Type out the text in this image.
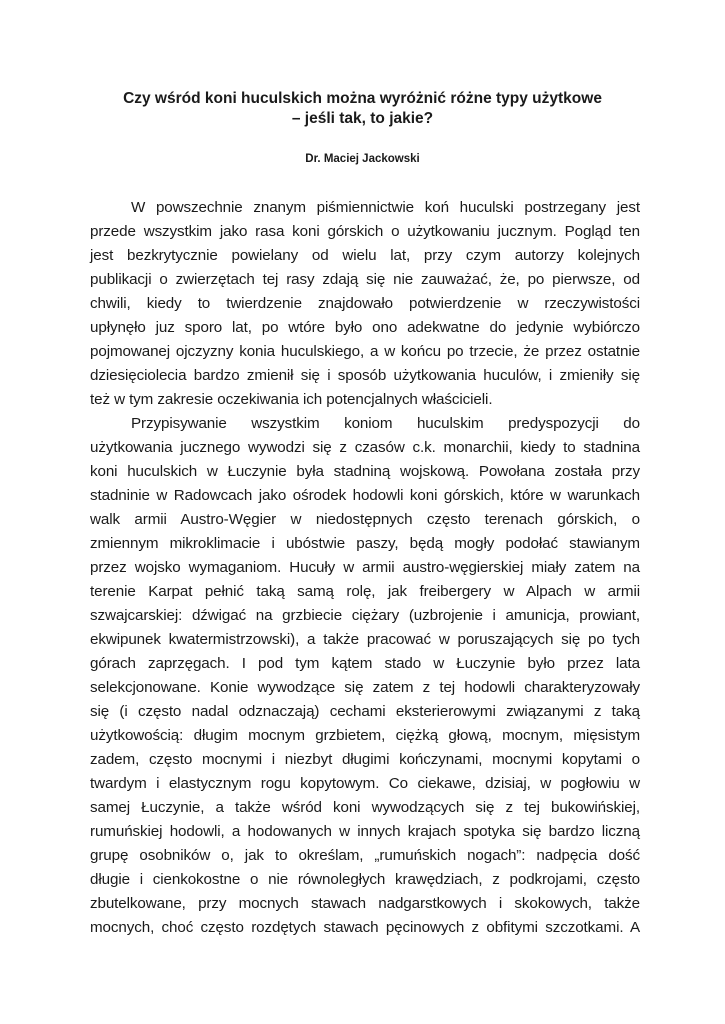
Czy wśród koni huculskich można wyróżnić różne typy użytkowe
– jeśli tak, to jakie?
Dr. Maciej Jackowski
W powszechnie znanym piśmiennictwie koń huculski postrzegany jest
przede wszystkim jako rasa koni górskich o użytkowaniu jucznym. Pogląd ten
jest bezkrytycznie powielany od wielu lat, przy czym autorzy kolejnych
publikacji o zwierzętach tej rasy zdają się nie zauważać, że, po pierwsze, od
chwili, kiedy to twierdzenie znajdowało potwierdzenie w rzeczywistości
upłynęło juz sporo lat, po wtóre było ono adekwatne do jedynie wybiórczo
pojmowanej ojczyzny konia huculskiego, a w końcu po trzecie, że przez ostatnie
dziesięciolecia bardzo zmienił się i sposób użytkowania huculów, i zmieniły się
też w tym zakresie oczekiwania ich potencjalnych właścicieli.
Przypisywanie wszystkim koniom huculskim predyspozycji do
użytkowania jucznego wywodzi się z czasów c.k. monarchii, kiedy to stadnina
koni huculskich w Łuczynie była stadniną wojskową. Powołana została przy
stadninie w Radowcach jako ośrodek hodowli koni górskich, które w warunkach
walk armii Austro-Węgier w niedostępnych często terenach górskich, o
zmiennym mikroklimacie i ubóstwie paszy, będą mogły podołać stawianym
przez wojsko wymaganiom. Hucuły w armii austro-węgierskiej miały zatem na
terenie Karpat pełnić taką samą rolę, jak freibergery w Alpach w armii
szwajcarskiej: dźwigać na grzbiecie ciężary (uzbrojenie i amunicja, prowiant,
ekwipunek kwatermistrzowski), a także pracować w poruszających się po tych
górach zaprzęgach. I pod tym kątem stado w Łuczynie było przez lata
selekcjonowane. Konie wywodzące się zatem z tej hodowli charakteryzowały
się (i często nadal odznaczają) cechami eksterierowymi związanymi z taką
użytkowością: długim mocnym grzbietem, ciężką głową, mocnym, mięsistym
zadem, często mocnymi i niezbyt długimi kończynami, mocnymi kopytami o
twardym i elastycznym rogu kopytowym. Co ciekawe, dzisiaj, w pogłowiu w
samej Łuczynie, a także wśród koni wywodzących się z tej bukowińskiej,
rumuńskiej hodowli, a hodowanych w innych krajach spotyka się bardzo liczną
grupę osobników o, jak to określam, „rumuńskich nogach”: nadpęcia dość
długie i cienkokostne o nie równoległych krawędziach, z podkrojami, często
zbutelkowane, przy mocnych stawach nadgarstkowych i skokowych, także
mocnych, choć często rozdętych stawach pęcinowych z obfitymi szczotkami. A
